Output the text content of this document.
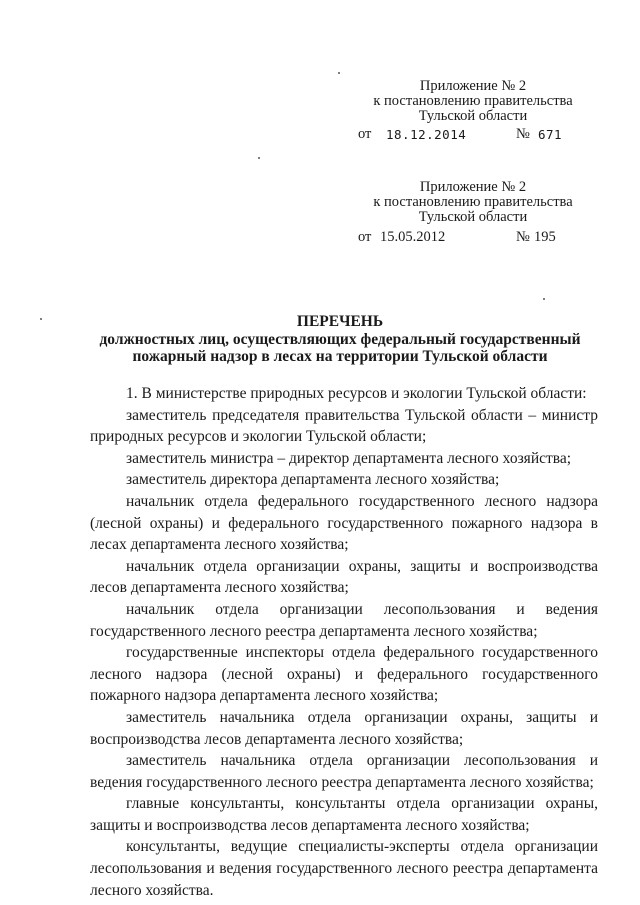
Приложение № 2
к постановлению правительства
Тульской области
от 18.12.2014	№ 671
Приложение № 2
к постановлению правительства
Тульской области
от 15.05.2012	№ 195
ПЕРЕЧЕНЬ
должностных лиц, осуществляющих федеральный государственный
пожарный надзор в лесах на территории Тульской области

1. В министерстве природных ресурсов и экологии Тульской области:

заместитель председателя правительства Тульской области – министр природных ресурсов и экологии Тульской области;

заместитель министра – директор департамента лесного хозяйства;

заместитель директора департамента лесного хозяйства;

начальник отдела федерального государственного лесного надзора (лесной охраны) и федерального государственного пожарного надзора в лесах департамента лесного хозяйства;

начальник отдела организации охраны, защиты и воспроизводства лесов департамента лесного хозяйства;

начальник отдела организации лесопользования и ведения государственного лесного реестра департамента лесного хозяйства;

государственные инспекторы отдела федерального государственного лесного надзора (лесной охраны) и федерального государственного пожарного надзора департамента лесного хозяйства;

заместитель начальника отдела организации охраны, защиты и воспроизводства лесов департамента лесного хозяйства;

заместитель начальника отдела организации лесопользования и ведения государственного лесного реестра департамента лесного хозяйства;

главные консультанты, консультанты отдела организации охраны, защиты и воспроизводства лесов департамента лесного хозяйства;

консультанты, ведущие специалисты-эксперты отдела организации лесопользования и ведения государственного лесного реестра департамента лесного хозяйства.
